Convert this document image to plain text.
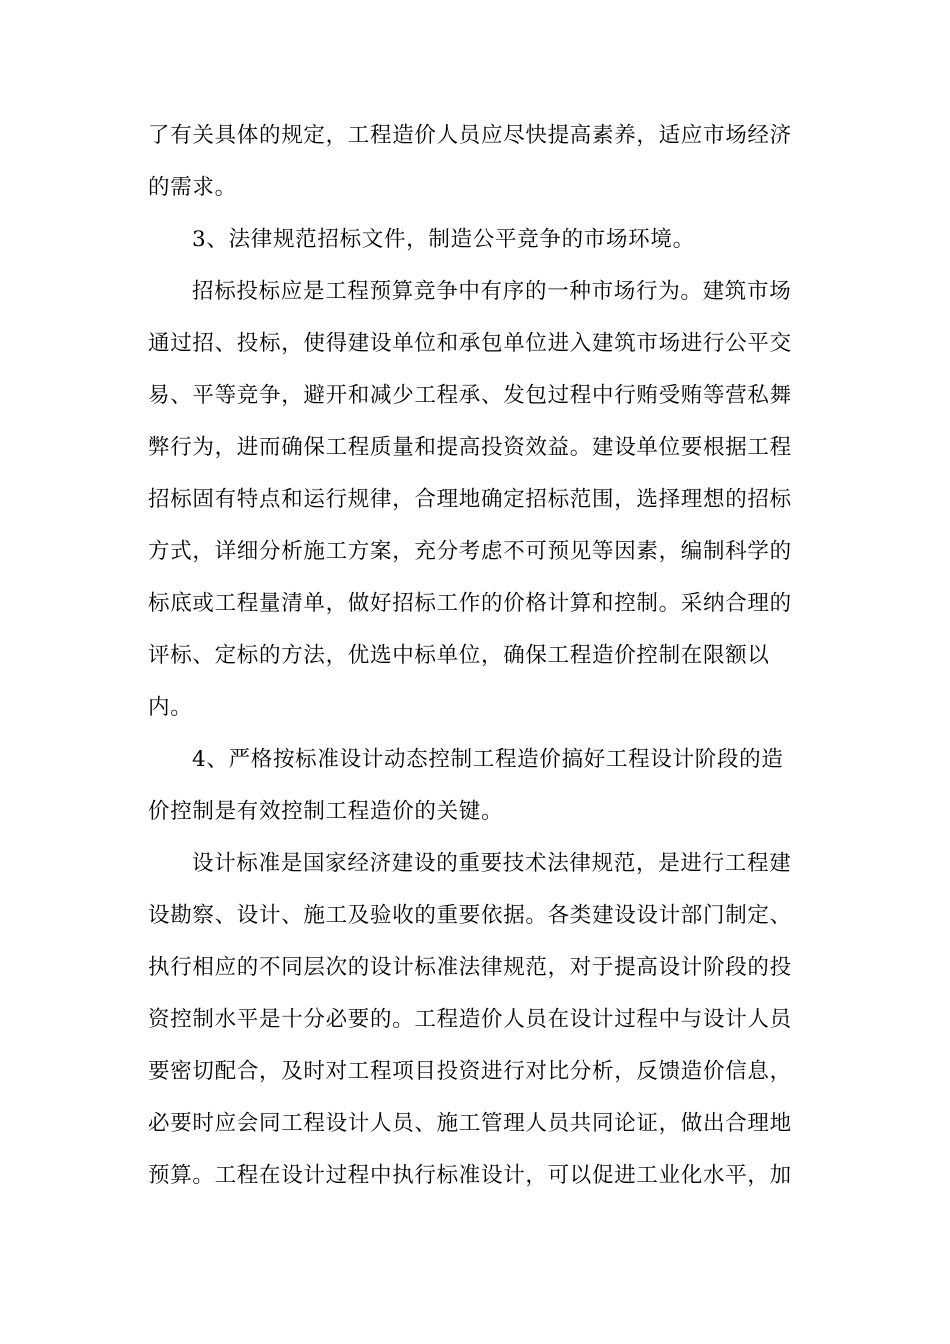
了有关具体的规定，工程造价人员应尽快提高素养，适应市场经济
的需求。
3、法律规范招标文件，制造公平竞争的市场环境。
招标投标应是工程预算竞争中有序的一种市场行为。建筑市场
通过招、投标，使得建设单位和承包单位进入建筑市场进行公平交
易、平等竞争，避开和减少工程承、发包过程中行贿受贿等营私舞
弊行为，进而确保工程质量和提高投资效益。建设单位要根据工程
招标固有特点和运行规律，合理地确定招标范围，选择理想的招标
方式，详细分析施工方案，充分考虑不可预见等因素，编制科学的
标底或工程量清单，做好招标工作的价格计算和控制。采纳合理的
评标、定标的方法，优选中标单位，确保工程造价控制在限额以
内。
4、严格按标准设计动态控制工程造价搞好工程设计阶段的造
价控制是有效控制工程造价的关键。
设计标准是国家经济建设的重要技术法律规范，是进行工程建
设勘察、设计、施工及验收的重要依据。各类建设设计部门制定、
执行相应的不同层次的设计标准法律规范，对于提高设计阶段的投
资控制水平是十分必要的。工程造价人员在设计过程中与设计人员
要密切配合，及时对工程项目投资进行对比分析，反馈造价信息，
必要时应会同工程设计人员、施工管理人员共同论证，做出合理地
预算。工程在设计过程中执行标准设计，可以促进工业化水平，加
